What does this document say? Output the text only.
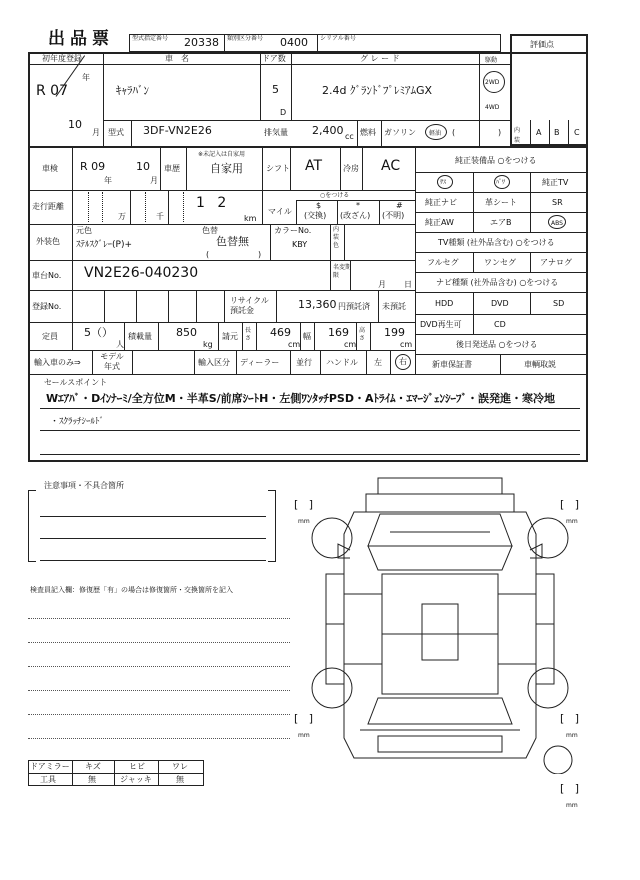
出品票	型式指定番号 20338 類別区分番号 0400 シリアル番号
評価点
初年度登録
R 07
年
10
月
車　名
ｷｬﾗﾊﾞﾝ
ドア数
5
D
グ レ ー ド
2.4d ｸﾞﾗﾝﾄﾞﾌﾟﾚﾐｱﾑGX
駆動
2WD
4WD
型式 3DF-VN2E26	排気量 2,400 cc 燃料 ガソリン 軽油 (	) 内装
A B C
車検 R 09
年
10
月
車歴
※未記入は自家用
自家用	シフト AT	冷房 AC
走行距離
万	千
1 2
km
○をつける
マイル
$
(交換)
*
(改ざん)
#
(不明)
外装色
元色
ｽﾃﾙｽｸﾞﾚｰ(P)+
色替
色替無
(	)
カラーNo.
KBY
内装色
車台No. VN2E26-040230	名変期限
月 日
登録No.
リサイクル預託金	13,360 円預託済 未預託
定員 5（）
人
積載量 850
kg
請元
長さ 469
cm
幅 169
cm
高さ 199
cm
輸入車のみ⇒
モデル年式	輸入区分 ディーラー 並行 ハンドル 左 右
純正装備品 ○をつける
ｻｽ	ﾊﾟﾜ	純正TV
純正ナビ	革シート	SR
純正AW	エアB	ABS
TV種類 (社外品含む) ○をつける
フルセグ	ワンセグ	アナログ
ナビ種類 (社外品含む) ○をつける
HDD	DVD	SD
DVD再生可	CD
後日発送品 ○をつける
新車保証書	車輌取説
セールスポイント
Wｴｱﾊﾞ・Dｲﾝﾅｰﾐ/全方位M・半革S/前席ｼｰﾄH・左側ﾜﾝﾀｯﾁPSD・Aﾄﾗｲﾑ・ｴﾏｰｼﾞｪﾝｼｰﾌﾞ・誤発進・寒冷地
・ｽｸﾗｯﾁｼｰﾙﾄﾞ
注意事項・不具合箇所
検査員記入欄：修復歴「有」の場合は修復箇所・交換箇所を記入
ドアミラー キズ	ヒビ	ワレ
工具	無	ジャッキ	無
[   ]
mm
[   ]
mm
[   ]
mm
[   ]
mm
[   ]
mm
